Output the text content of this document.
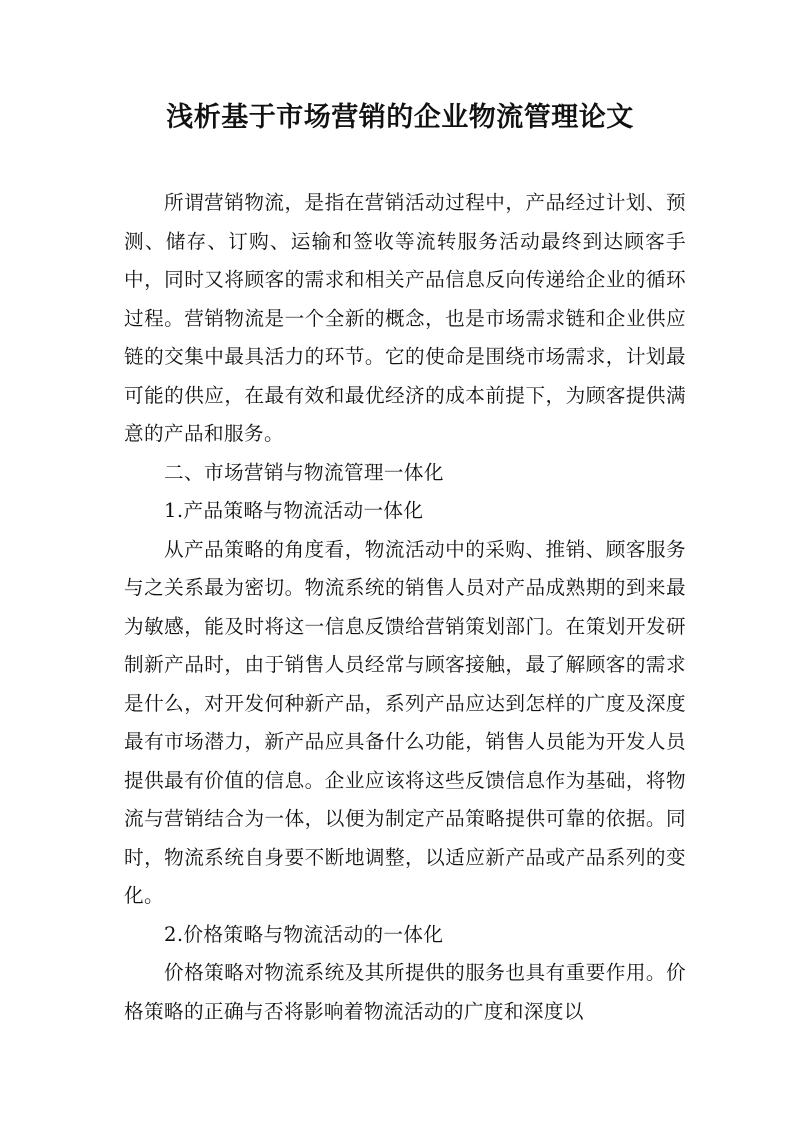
浅析基于市场营销的企业物流管理论文

所谓营销物流，是指在营销活动过程中，产品经过计划、预测、储存、订购、运输和签收等流转服务活动最终到达顾客手中，同时又将顾客的需求和相关产品信息反向传递给企业的循环过程。营销物流是一个全新的概念，也是市场需求链和企业供应链的交集中最具活力的环节。它的使命是围绕市场需求，计划最可能的供应，在最有效和最优经济的成本前提下，为顾客提供满意的产品和服务。

二、市场营销与物流管理一体化

1.产品策略与物流活动一体化

从产品策略的角度看，物流活动中的采购、推销、顾客服务与之关系最为密切。物流系统的销售人员对产品成熟期的到来最为敏感，能及时将这一信息反馈给营销策划部门。在策划开发研制新产品时，由于销售人员经常与顾客接触，最了解顾客的需求是什么，对开发何种新产品，系列产品应达到怎样的广度及深度最有市场潜力，新产品应具备什么功能，销售人员能为开发人员提供最有价值的信息。企业应该将这些反馈信息作为基础，将物流与营销结合为一体，以便为制定产品策略提供可靠的依据。同时，物流系统自身要不断地调整，以适应新产品或产品系列的变化。

2.价格策略与物流活动的一体化

价格策略对物流系统及其所提供的服务也具有重要作用。价格策略的正确与否将影响着物流活动的广度和深度以
